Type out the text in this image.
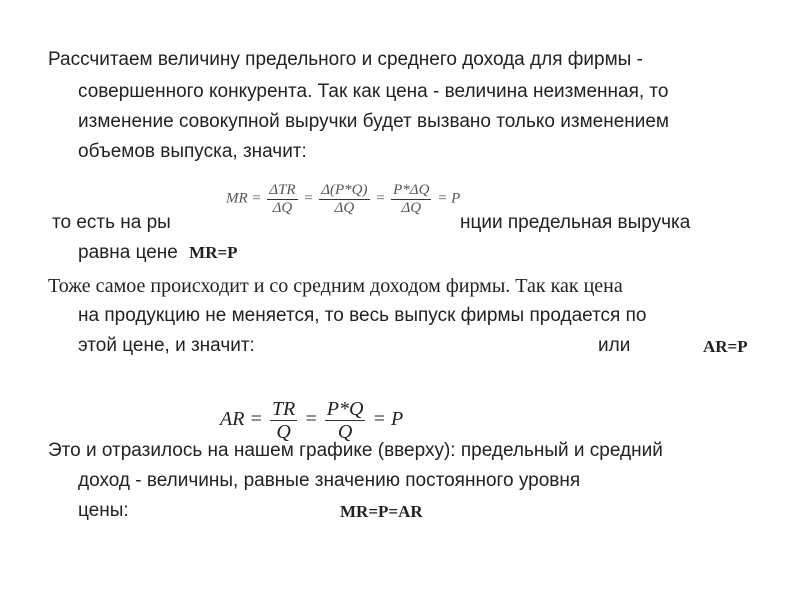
Рассчитаем величину предельного и среднего дохода для фирмы -
совершенного конкурента. Так как цена - величина неизменная, то
изменение совокупной выручки будет вызвано только изменением
объемов выпуска, значит:
то есть на ры	нции предельная выручка
MR = $\frac{\text{ΔTR}}{\Delta Q} = \frac{\Delta(P*Q)}{\Delta Q} = \frac{P*\Delta Q}{\Delta Q} = P$
равна цене MR=P
Тоже самое происходит и со средним доходом фирмы. Так как цена
на продукцию не меняется, то весь выпуск фирмы продается по
этой цене, и значит:	или	AR=P
AR = $\frac{TR}{Q} = \frac{P*Q}{Q} = P$
Это и отразилось на нашем графике (вверху): предельный и средний
доход - величины, равные значению постоянного уровня
цены:	MR=P=AR
